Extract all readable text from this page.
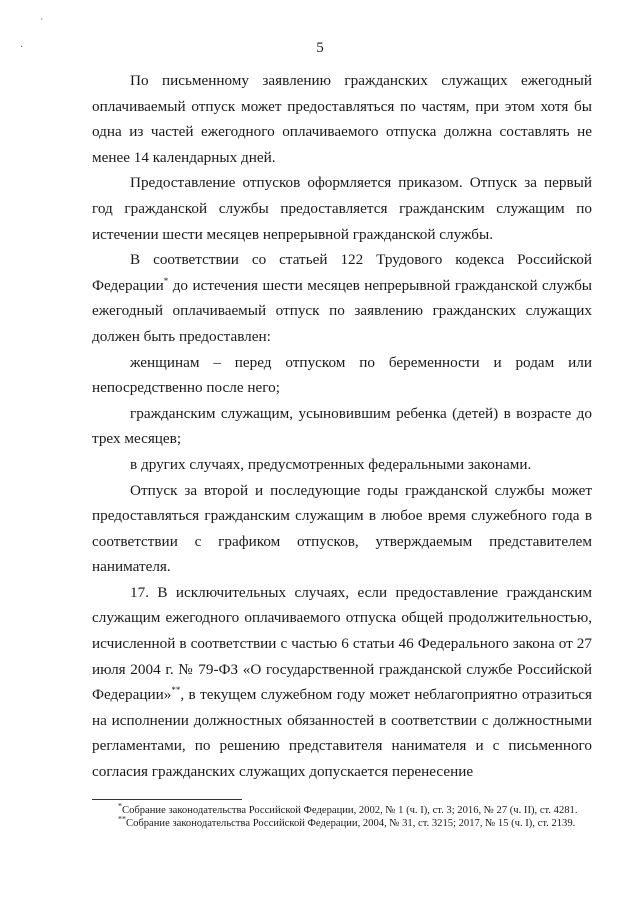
ˋ
·	5

По письменному заявлению гражданских служащих ежегодный оплачиваемый отпуск может предоставляться по частям, при этом хотя бы одна из частей ежегодного оплачиваемого отпуска должна составлять не менее 14 календарных дней.

Предоставление отпусков оформляется приказом. Отпуск за первый год гражданской службы предоставляется гражданским служащим по истечении шести месяцев непрерывной гражданской службы.

В соответствии со статьей 122 Трудового кодекса Российской Федерации* до истечения шести месяцев непрерывной гражданской службы ежегодный оплачиваемый отпуск по заявлению гражданских служащих должен быть предоставлен:

женщинам – перед отпуском по беременности и родам или непосредственно после него;

гражданским служащим, усыновившим ребенка (детей) в возрасте до трех месяцев;

в других случаях, предусмотренных федеральными законами.

Отпуск за второй и последующие годы гражданской службы может предоставляться гражданским служащим в любое время служебного года в соответствии с графиком отпусков, утверждаемым представителем нанимателя.

17. В исключительных случаях, если предоставление гражданским служащим ежегодного оплачиваемого отпуска общей продолжительностью, исчисленной в соответствии с частью 6 статьи 46 Федерального закона от 27 июля 2004 г. № 79-ФЗ «О государственной гражданской службе Российской Федерации»**, в текущем служебном году может неблагоприятно отразиться на исполнении должностных обязанностей в соответствии с должностными регламентами, по решению представителя нанимателя и с письменного согласия гражданских служащих допускается перенесение

*Собрание законодательства Российской Федерации, 2002, № 1 (ч. I), ст. 3; 2016, № 27 (ч. II), ст. 4281.
**Собрание законодательства Российской Федерации, 2004, № 31, ст. 3215; 2017, № 15 (ч. I), ст. 2139.
